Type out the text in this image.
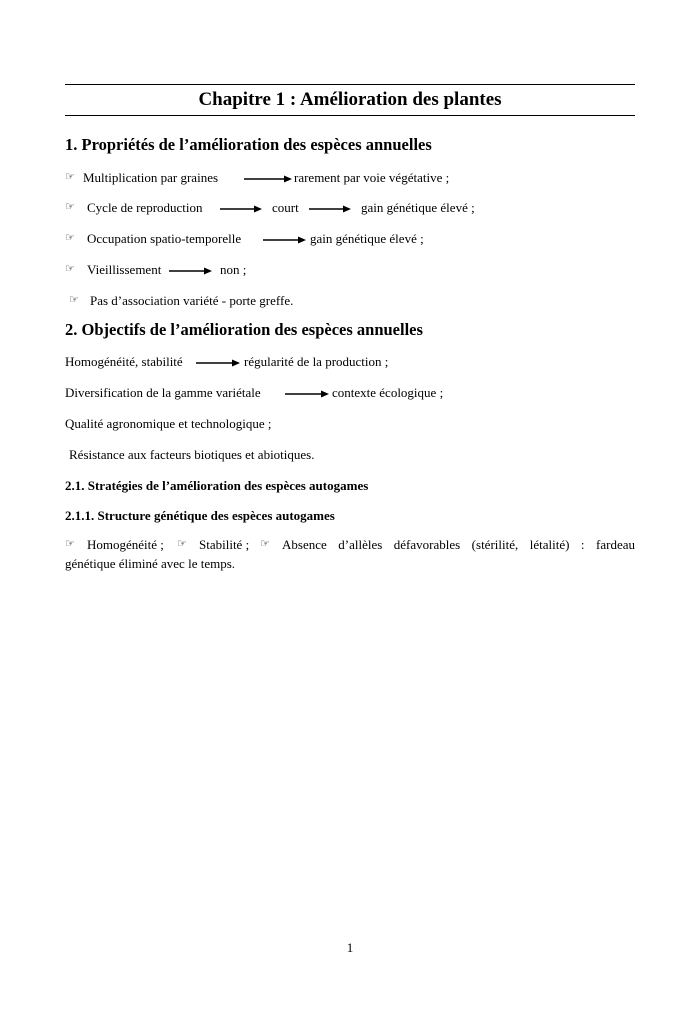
Chapitre 1 : Amélioration des plantes
1. Propriétés de l’amélioration des espèces annuelles
☞ Multiplication par graines	rarement par voie végétative ;
☞ Cycle de reproduction	court	gain génétique élevé ;
☞ Occupation spatio-temporelle	gain génétique élevé ;
☞ Vieillissement	non ;
☞ Pas d’association variété - porte greffe.
2. Objectifs de l’amélioration des espèces annuelles
Homogénéité, stabilité	régularité de la production ;
Diversification de la gamme variétale	contexte écologique ;
Qualité agronomique et technologique ;
Résistance aux facteurs biotiques et abiotiques.
2.1. Stratégies de l’amélioration des espèces autogames
2.1.1. Structure génétique des espèces autogames
☞ Homogénéité ; ☞ Stabilité ; ☞ Absence d’allèles défavorables (stérilité, létalité) : fardeau
génétique éliminé avec le temps.
1
